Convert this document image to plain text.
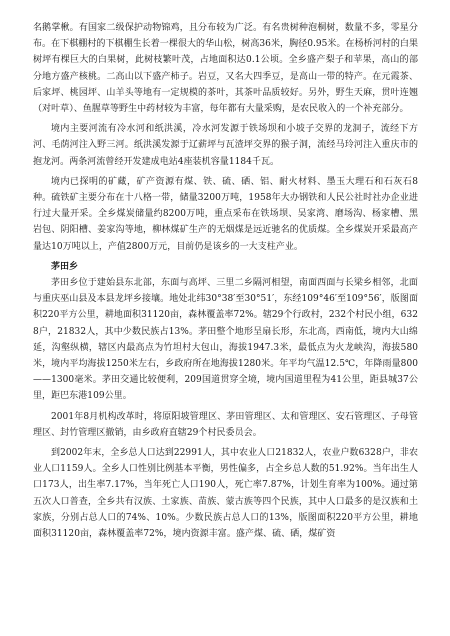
名鹅掌楸。有国家二级保护动物锦鸡，且分布较为广泛。有名贵树种泡桐树，数量不多，零星分布。在下棋棚村的下棋棚生长着一棵很大的华山松，树高36米，胸径0.95米。在杨桥河村的白果树坪有棵巨大的白果树，此树枝繁叶茂，占地面积达0.1公顷。全乡盛产梨子和苹果，高山的部分地方盛产核桃。二高山以下盛产柿子。岩豆，又名大四季豆，是高山一带的特产。在元霞茶、后家坪、桃园坪、山羊头等地有一定规模的茶叶，其茶叶品质较好。另外，野生天麻，贯叶连翘（对叶草）、鱼腥草等野生中药材较为丰富，每年都有大量采购，是农民收入的一个补充部分。

境内主要河流有冷水河和纸洪溪，冷水河发源于铁场坝和小坡子交界的龙洞子，流经下方河、毛荫河注入野三河。纸洪溪发源于辽薪坪与瓦渣坪交界的猴子洞，流经马玲河注入重庆市的抱龙河。两条河流曾经开发建成电站4座装机容量1184千瓦。

境内已探明的矿藏，矿产资源有煤、铁、硫、硒、铝、耐火材料、墨玉大理石和石灰石8种。硫铁矿主要分布在十八格一带，储量3200万吨，1958年大办钢铁和人民公社时社办企业进行过大量开采。全乡煤炭储量约8200万吨，重点采布在铁场坝、吴家湾、磨场沟、杨家槽、黑岩包、阴阳槽、姜家沟等地，柳林煤矿生产的无烟煤是远近驰名的优质煤。全乡煤炭开采最高产量达10万吨以上，产值2800万元，目前仍是该乡的一大支柱产业。

茅田乡

茅田乡位于建始县东北部，东面与高坪、三里二乡隔河相望，南面西面与长梁乡相邻，北面与重庆巫山县及本县龙坪乡接壤。地处北纬30°38′至30°51′，东经109°46′至109°56′，版图面积220平方公里，耕地面积31120亩，森林覆盖率72%。辖29个行政村，232个村民小组，6328户，21832人，其中少数民族占13%。茅田整个地形呈扇长形，东北高，西南低，境内大山绵延，沟壑纵横，辖区内最高点为竹坦村大包山，海拔1947.3米，最低点为火龙峡沟，海拔580米，境内平均海拔1250米左右，乡政府所在地海拔1280米。年平均气温12.5℃，年降雨量800——1300毫米。茅田交通比较便利，209国道贯穿全境，境内国道里程为41公里，距县城37公里，距巴东港109公里。

2001年8月机构改革时，将原阳坡管理区、茅田管理区、太和管理区、安石管理区、子母管理区、封竹管理区撤销，由乡政府直辖29个村民委员会。

到2002年末，全乡总人口达到22991人，其中农业人口21832人，农业户数6328户，非农业人口1159人。全乡人口性别比例基本平衡，男性偏多，占全乡总人数的51.92%。当年出生人口173人，出生率7.17%，当年死亡人口190人，死亡率7.87%，计划生育率为100%。通过第五次人口普查，全乡共有汉族、土家族、苗族、蒙古族等四个民族，其中人口最多的是汉族和土家族，分别占总人口的74%、10%。少数民族占总人口的13%，版图面积220平方公里，耕地面积31120亩，森林覆盖率72%，境内资源丰富。盛产煤、硫、硒，煤矿资
